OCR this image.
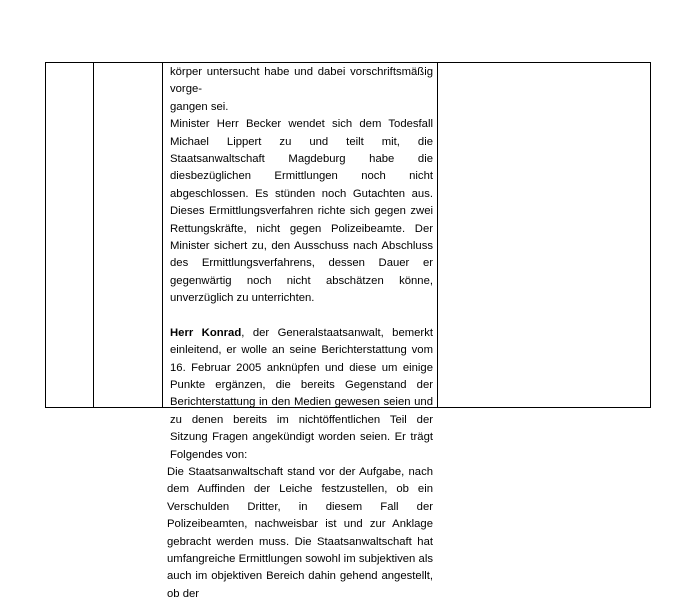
körper untersucht habe und dabei vorschriftsmäßig vorge-
gangen sei.

Minister Herr Becker wendet sich dem Todesfall Michael Lippert zu und teilt mit, die Staatsanwaltschaft Magdeburg habe die diesbezüglichen Ermittlungen noch nicht abgeschlossen. Es stünden noch Gutachten aus. Dieses Ermittlungsverfahren richte sich gegen zwei Rettungskräfte, nicht gegen Polizeibeamte. Der Minister sichert zu, den Ausschuss nach Abschluss des Ermittlungsverfahrens, dessen Dauer er gegenwärtig noch nicht abschätzen könne, unverzüglich zu unterrichten.

Herr Konrad, der Generalstaatsanwalt, bemerkt einleitend, er wolle an seine Berichterstattung vom 16. Februar 2005 anknüpfen und diese um einige Punkte ergänzen, die bereits Gegenstand der Berichterstattung in den Medien gewesen seien und zu denen bereits im nichtöffentlichen Teil der Sitzung Fragen angekündigt worden seien. Er trägt Folgendes von:

Die Staatsanwaltschaft stand vor der Aufgabe, nach dem Auffinden der Leiche festzustellen, ob ein Verschulden Dritter, in diesem Fall der Polizeibeamten, nachweisbar ist und zur Anklage gebracht werden muss. Die Staatsanwaltschaft hat umfangreiche Ermittlungen sowohl im subjektiven als auch im objektiven Bereich dahin gehend angestellt, ob der
